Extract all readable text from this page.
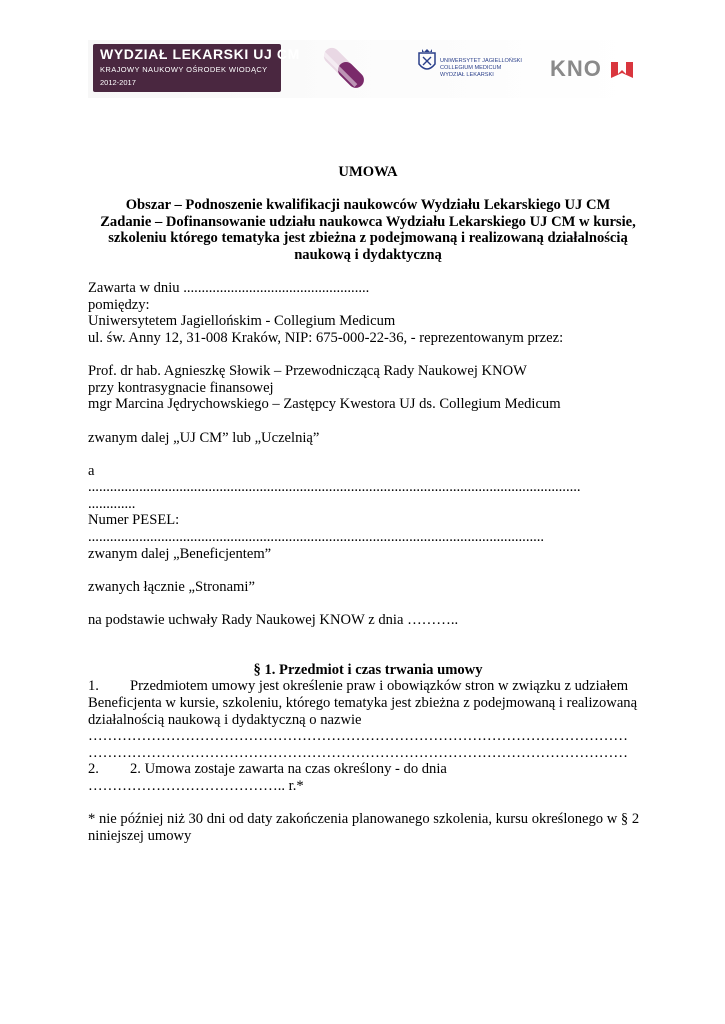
WYDZIAŁ LEKARSKI UJ CM
KRAJOWY NAUKOWY OŚRODEK WIODĄCY
2012-2017
UNIWERSYTET JAGIELLOŃSKI
COLLEGIUM MEDICUM
WYDZIAŁ LEKARSKI	KNO

UMOWA

Obszar – Podnoszenie kwalifikacji naukowców Wydziału Lekarskiego UJ CM

Zadanie – Dofinansowanie udziału naukowca Wydziału Lekarskiego UJ CM w kursie,

szkoleniu którego tematyka jest zbieżna z podejmowaną i realizowaną działalnością

naukową i dydaktyczną

Zawarta w dniu ...................................................

pomiędzy:

Uniwersytetem Jagiellońskim - Collegium Medicum

ul. św. Anny 12, 31-008 Kraków, NIP: 675-000-22-36, - reprezentowanym przez:

Prof. dr hab. Agnieszkę Słowik – Przewodniczącą Rady Naukowej KNOW

przy kontrasygnacie finansowej

mgr Marcina Jędrychowskiego – Zastępcy Kwestora UJ ds. Collegium Medicum

zwanym dalej „UJ CM” lub „Uczelnią”

a

.......................................................................................................................................

.............

Numer PESEL:

.............................................................................................................................

zwanym dalej „Beneficjentem”

zwanych łącznie „Stronami”

na podstawie uchwały Rady Naukowej KNOW z dnia ………..

§ 1. Przedmiot i czas trwania umowy

1. Przedmiotem umowy jest określenie praw i obowiązków stron w związku z udziałem

Beneficjenta w kursie, szkoleniu, którego tematyka jest zbieżna z podejmowaną i realizowaną

działalnością naukową i dydaktyczną o nazwie

…………………………………………………………………………………………………

…………………………………………………………………………………………………

2. 2. Umowa zostaje zawarta na czas określony - do dnia

………………………………….. r.*

* nie później niż 30 dni od daty zakończenia planowanego szkolenia, kursu określonego w § 2

niniejszej umowy
